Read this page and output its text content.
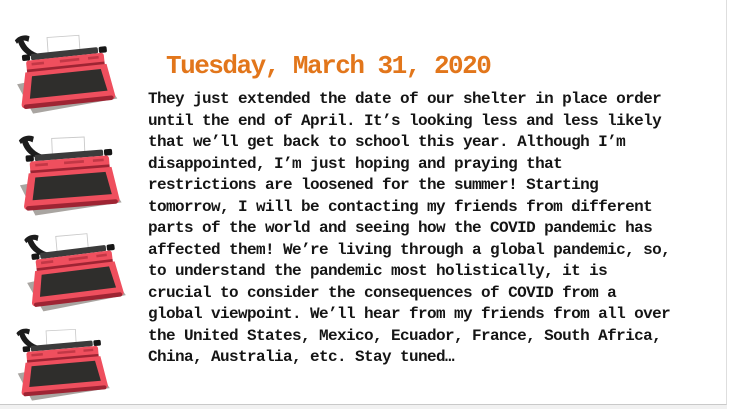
Tuesday, March 31, 2020
They just extended the date of our shelter in place order
until the end of April. It’s looking less and less likely
that we’ll get back to school this year. Although I’m
disappointed, I’m just hoping and praying that
restrictions are loosened for the summer! Starting
tomorrow, I will be contacting my friends from different
parts of the world and seeing how the COVID pandemic has
affected them! We’re living through a global pandemic, so,
to understand the pandemic most holistically, it is
crucial to consider the consequences of COVID from a
global viewpoint. We’ll hear from my friends from all over
the United States, Mexico, Ecuador, France, South Africa,
China, Australia, etc. Stay tuned…
